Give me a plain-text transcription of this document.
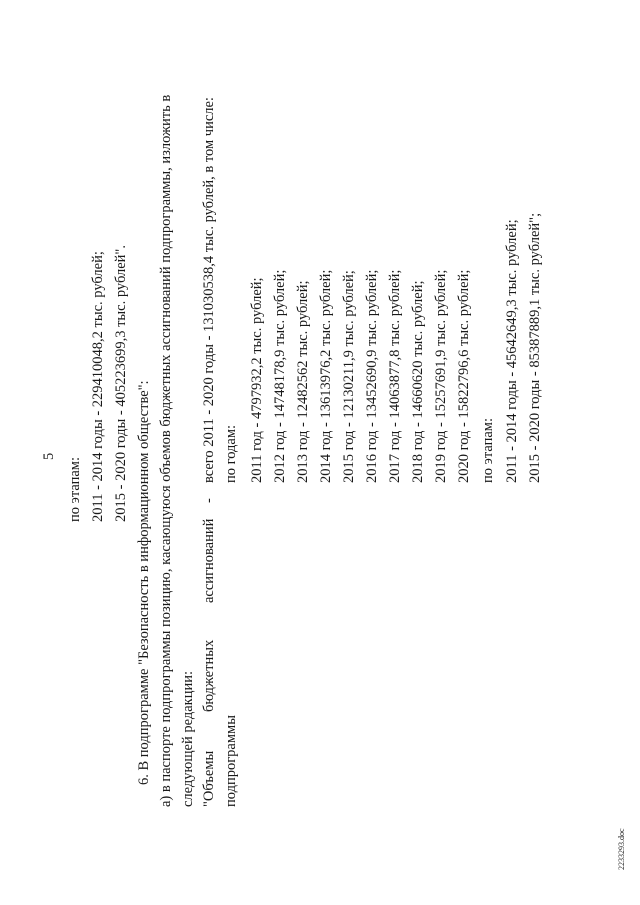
5
по этапам: 2011 - 2014 годы - 229410048,2 тыс. рублей; 2015 - 2020 годы - 405223699,3 тыс. рублей". 6. В подпрограмме "Безопасность в информационном обществе": а) в паспорте подпрограммы позицию, касающуюся объемов бюджетных ассигнований подпрограммы, изложить в следующей редакции: "Объемы
бюджетных
ассигнований
подпрограммы
-
всего 2011 - 2020 годы - 131030538,4 тыс. рублей, в том числе: по годам: 2011 год - 4797932,2 тыс. рублей; 2012 год - 14748178,9 тыс. рублей; 2013 год - 12482562 тыс. рублей; 2014 год - 13613976,2 тыс. рублей; 2015 год - 12130211,9 тыс. рублей; 2016 год - 13452690,9 тыс. рублей; 2017 год - 14063877,8 тыс. рублей; 2018 год - 14660620 тыс. рублей; 2019 год - 15257691,9 тыс. рублей; 2020 год - 15822796,6 тыс. рублей; по этапам: 2011 - 2014 годы - 45642649,3 тыс. рублей; 2015 - 2020 годы - 85387889,1 тыс. рублей";
2233293.doc
